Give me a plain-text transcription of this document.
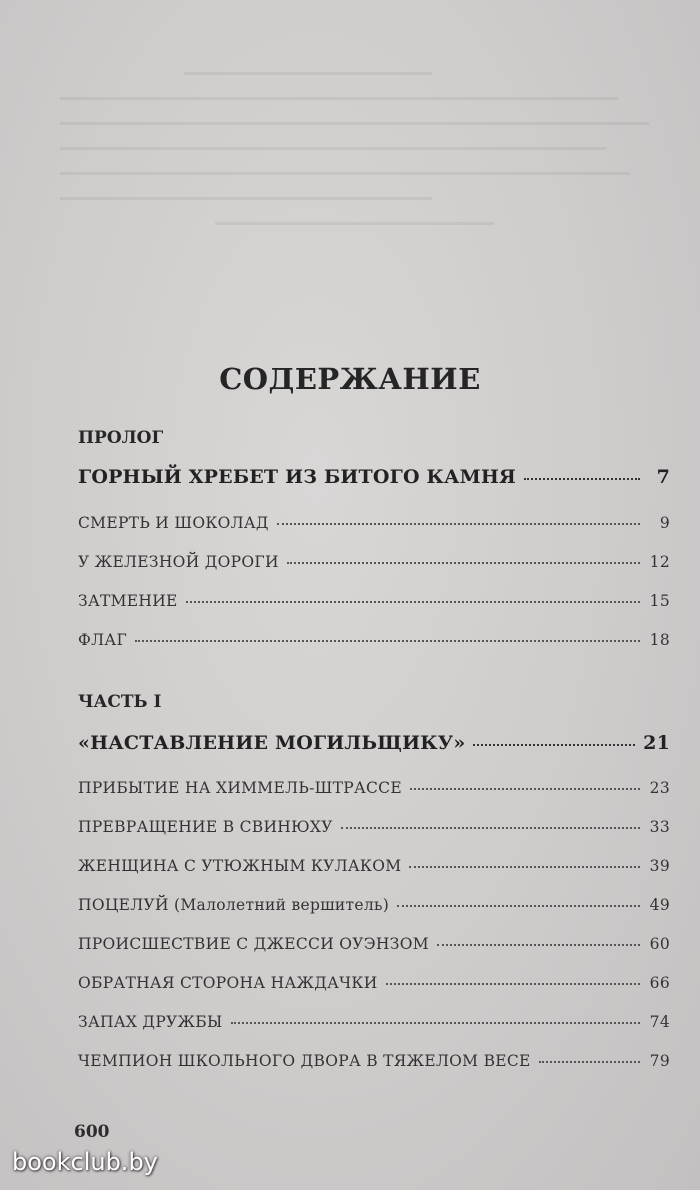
СОДЕРЖАНИЕ
ПРОЛОГ
ГОРНЫЙ ХРЕБЕТ ИЗ БИТОГО КАМНЯ	7
СМЕРТЬ И ШОКОЛАД	9
У ЖЕЛЕЗНОЙ ДОРОГИ	12
ЗАТМЕНИЕ	15
ФЛАГ	18
ЧАСТЬ I
«НАСТАВЛЕНИЕ МОГИЛЬЩИКУ»	21
ПРИБЫТИЕ НА ХИММЕЛЬ-ШТРАССЕ	23
ПРЕВРАЩЕНИЕ В СВИНЮХУ	33
ЖЕНЩИНА С УТЮЖНЫМ КУЛАКОМ	39
ПОЦЕЛУЙ (Малолетний вершитель)	49
ПРОИСШЕСТВИЕ С ДЖЕССИ ОУЭНЗОМ	60
ОБРАТНАЯ СТОРОНА НАЖДАЧКИ	66
ЗАПАХ ДРУЖБЫ	74
ЧЕМПИОН ШКОЛЬНОГО ДВОРА В ТЯЖЕЛОМ ВЕСЕ	79
600
bookclub.by
